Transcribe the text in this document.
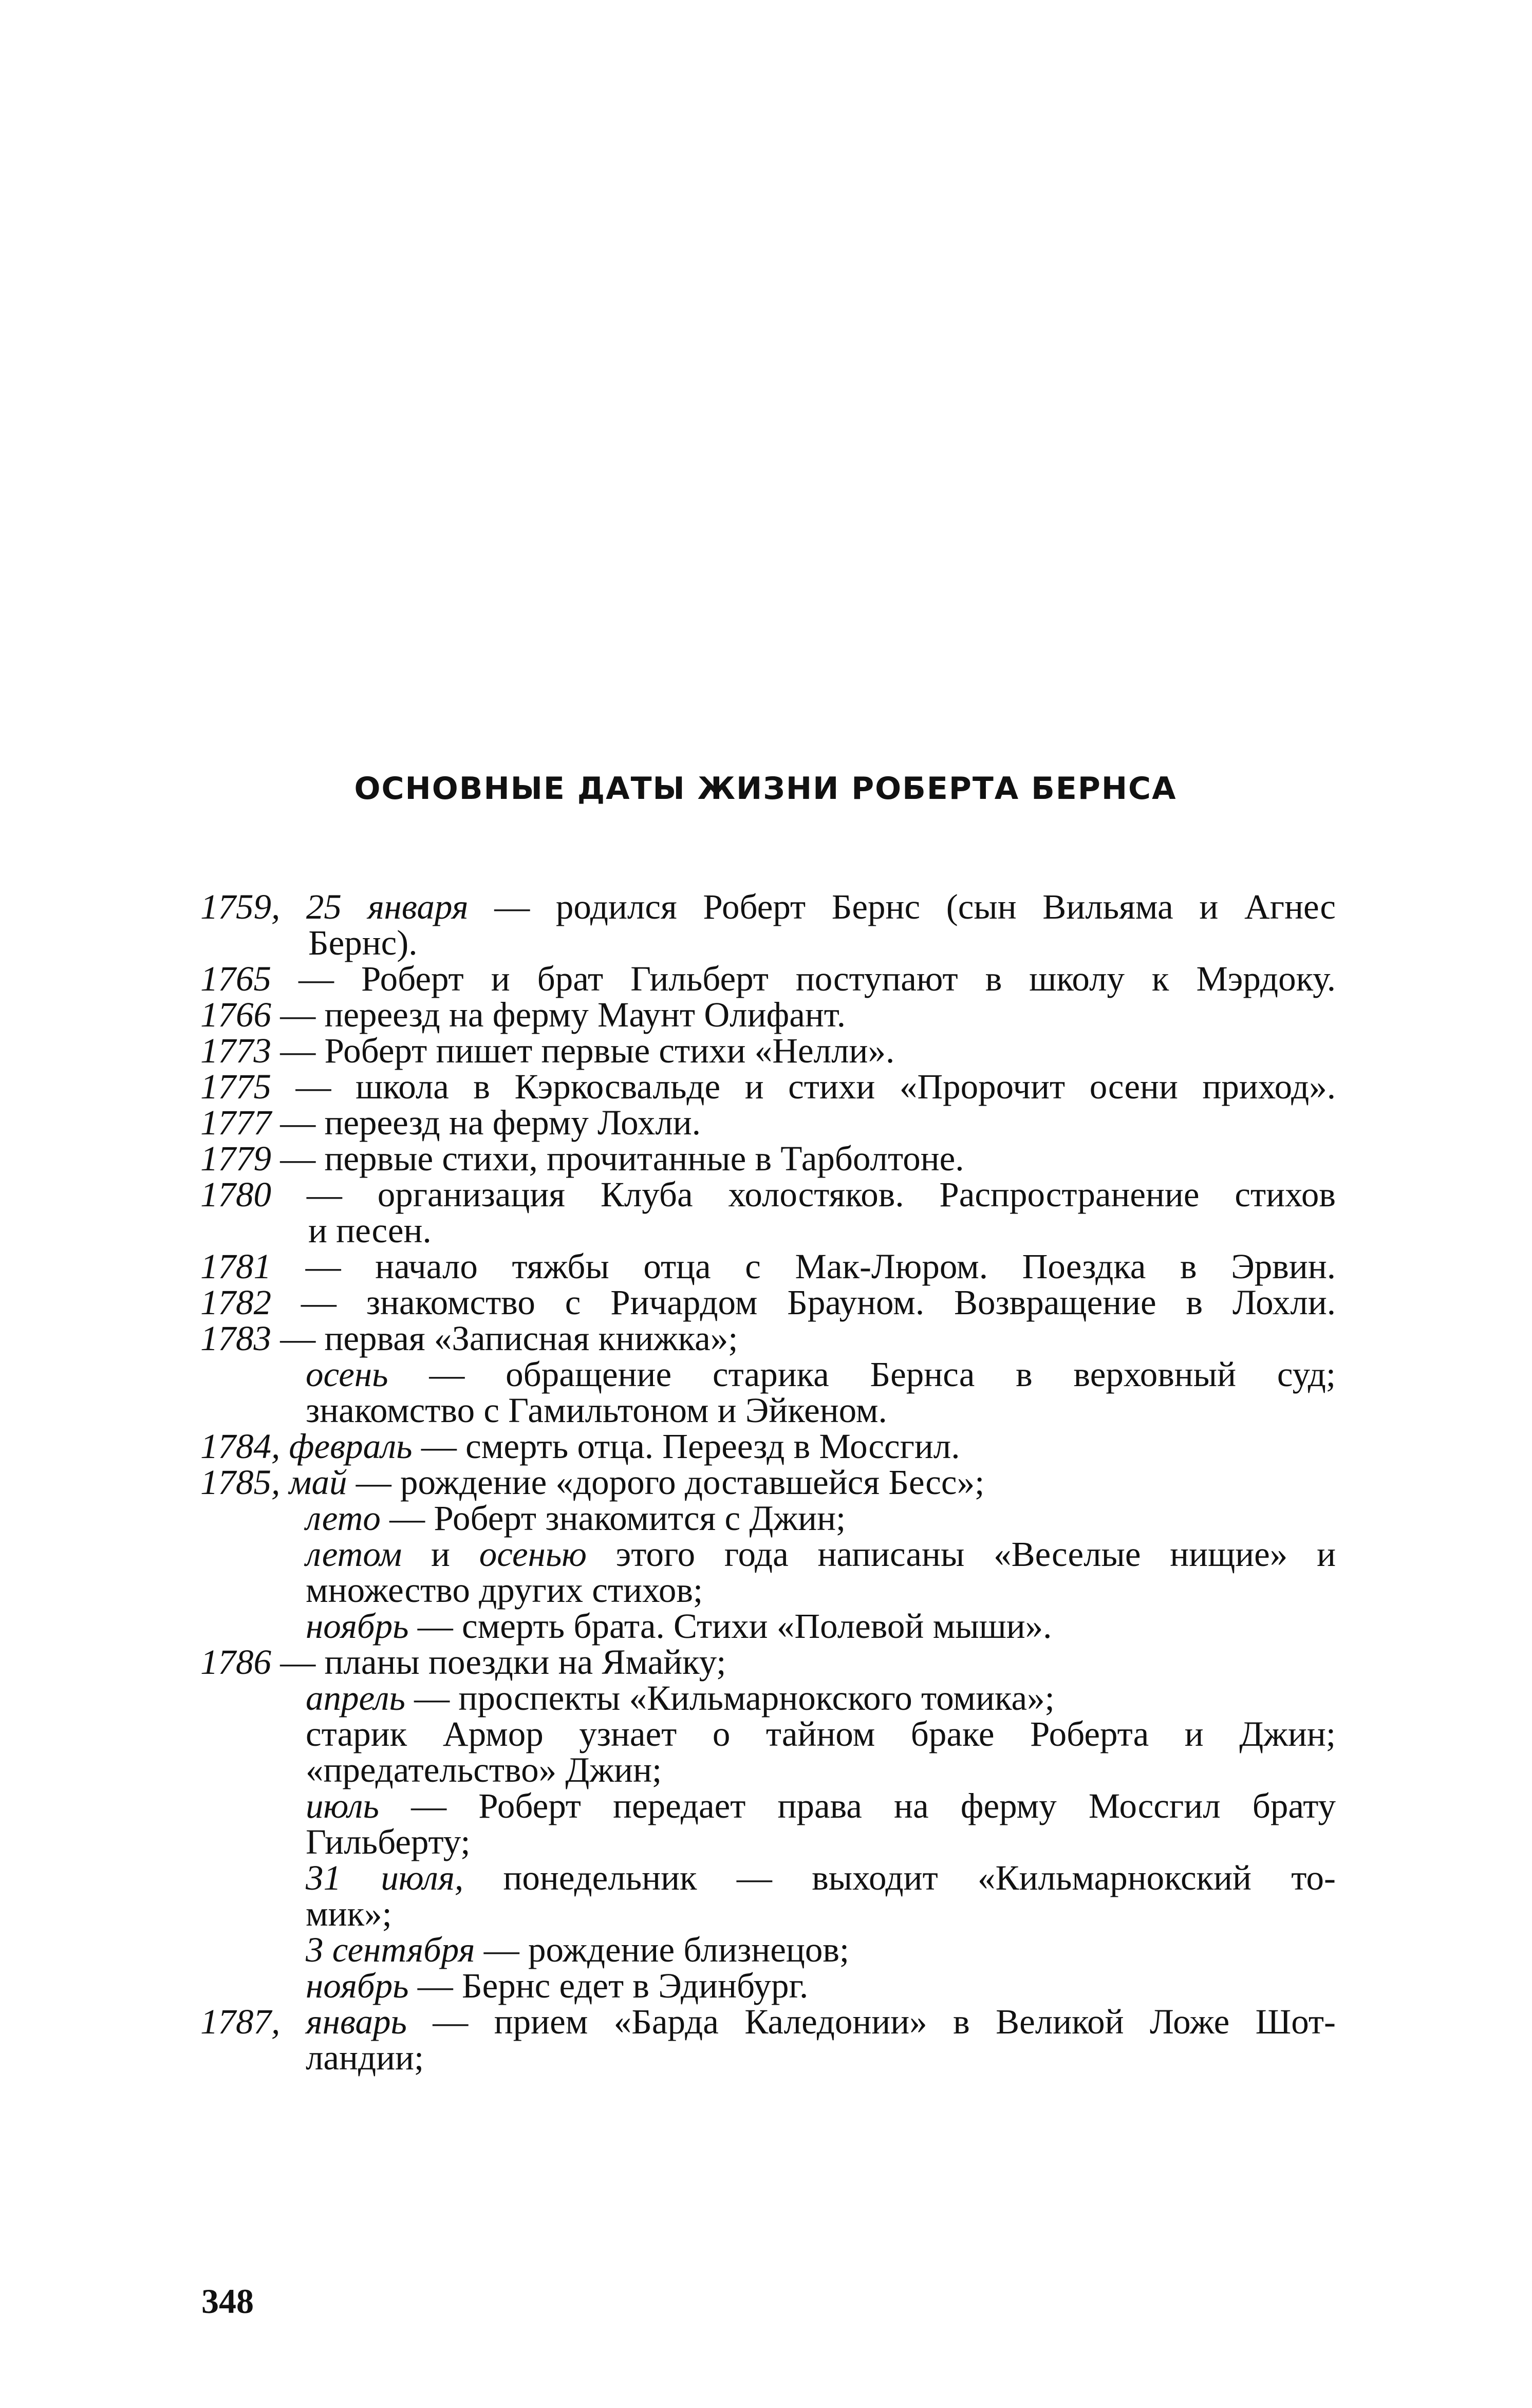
ОСНОВНЫЕ ДАТЫ ЖИЗНИ РОБЕРТА БЕРНСА
1759, 25 января — родился Роберт Бернс (сын Вильяма и Агнес
Бернс).
1765 — Роберт и брат Гильберт поступают в школу к Мэрдоку.
1766 — переезд на ферму Маунт Олифант.
1773 — Роберт пишет первые стихи «Нелли».
1775 — школа в Кэркосвальде и стихи «Пророчит осени приход».
1777 — переезд на ферму Лохли.
1779 — первые стихи, прочитанные в Тарболтоне.
1780 — организация Клуба холостяков. Распространение стихов
и песен.
1781 — начало тяжбы отца с Мак-Люром. Поездка в Эрвин.
1782 — знакомство с Ричардом Брауном. Возвращение в Лохли.
1783 — первая «Записная книжка»;
осень — обращение старика Бернса в верховный суд;
знакомство с Гамильтоном и Эйкеном.
1784, февраль — смерть отца. Переезд в Моссгил.
1785, май — рождение «дорого доставшейся Бесс»;
лето — Роберт знакомится с Джин;
летом и осенью этого года написаны «Веселые нищие» и
множество других стихов;
ноябрь — смерть брата. Стихи «Полевой мыши».
1786 — планы поездки на Ямайку;
апрель — проспекты «Кильмарнокского томика»;
старик Армор узнает о тайном браке Роберта и Джин;
«предательство» Джин;
июль — Роберт передает права на ферму Моссгил брату
Гильберту;
31 июля, понедельник — выходит «Кильмарнокский то-
мик»;
3 сентября — рождение близнецов;
ноябрь — Бернс едет в Эдинбург.
1787, январь — прием «Барда Каледонии» в Великой Ложе Шот-
ландии;
348
